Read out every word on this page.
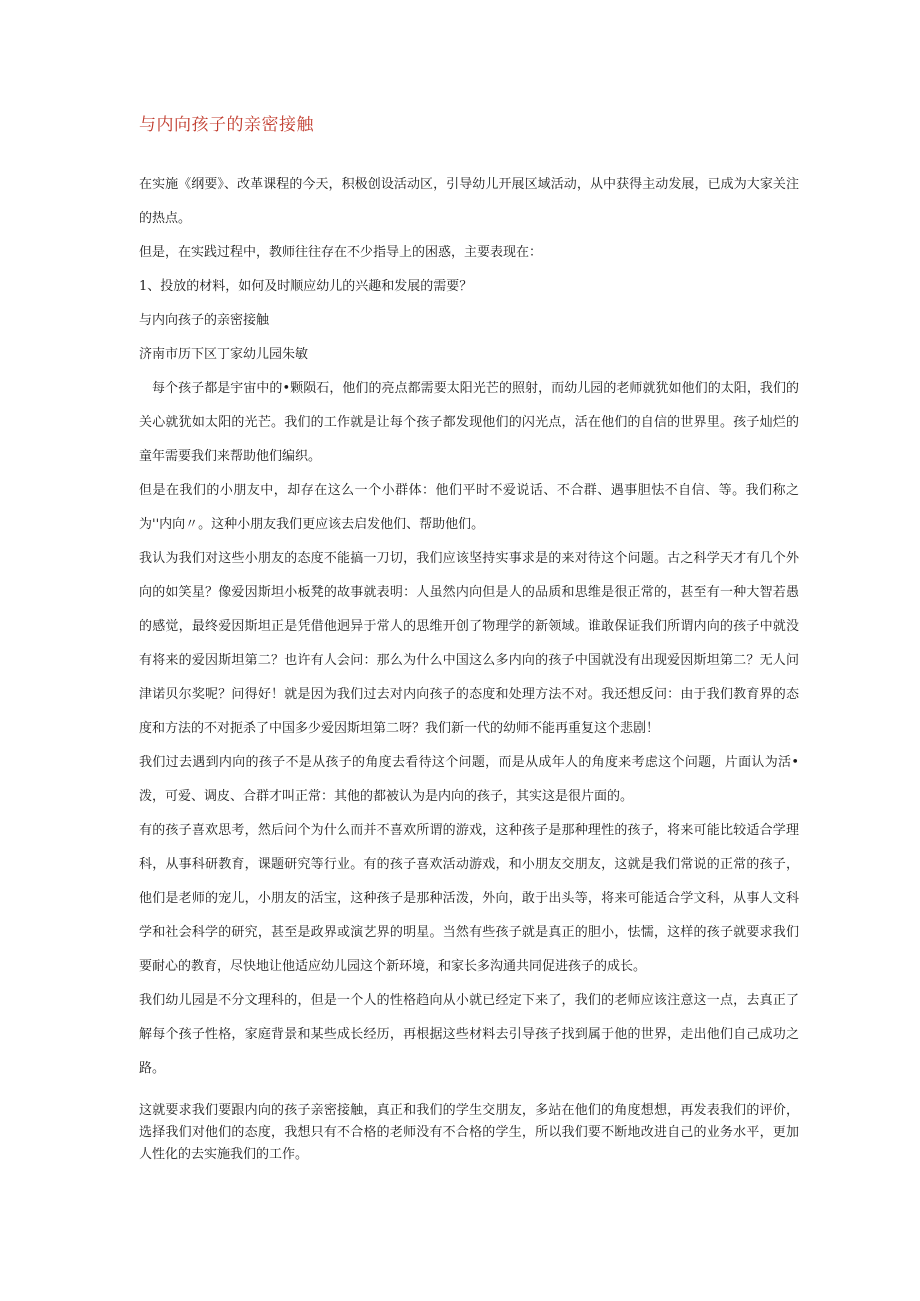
与内向孩子的亲密接触

在实施《纲要》、改革课程的今天，积极创设活动区，引导幼儿开展区域活动，从中获得主动发展，已成为大家关注的热点。

但是，在实践过程中，教师往往存在不少指导上的困惑，主要表现在：

1、投放的材料，如何及时顺应幼儿的兴趣和发展的需要？

与内向孩子的亲密接触

济南市历下区丁家幼儿园朱敏

每个孩子都是宇宙中的•颗陨石，他们的亮点都需要太阳光芒的照射，而幼儿园的老师就犹如他们的太阳，我们的关心就犹如太阳的光芒。我们的工作就是让每个孩子都发现他们的闪光点，活在他们的自信的世界里。孩子灿烂的童年需要我们来帮助他们编织。

但是在我们的小朋友中，却存在这么一个小群体：他们平时不爱说话、不合群、遇事胆怯不自信、等。我们称之为''内向〃。这种小朋友我们更应该去启发他们、帮助他们。

我认为我们对这些小朋友的态度不能搞一刀切，我们应该坚持实事求是的来对待这个问题。古之科学天才有几个外向的如笑星？像爱因斯坦小板凳的故事就表明：人虽然内向但是人的品质和思维是很正常的，甚至有一种大智若愚的感觉，最终爱因斯坦正是凭借他迥异于常人的思维开创了物理学的新领域。谁敢保证我们所谓内向的孩子中就没有将来的爱因斯坦第二？也许有人会问：那么为什么中国这么多内向的孩子中国就没有出现爱因斯坦第二？无人问津诺贝尔奖呢？问得好！就是因为我们过去对内向孩子的态度和处理方法不对。我还想反问：由于我们教育界的态度和方法的不对扼杀了中国多少爱因斯坦第二呀？我们新一代的幼师不能再重复这个悲剧！

我们过去遇到内向的孩子不是从孩子的角度去看待这个问题，而是从成年人的角度来考虑这个问题，片面认为活•泼，可爱、调皮、合群才叫正常：其他的都被认为是内向的孩子，其实这是很片面的。

有的孩子喜欢思考，然后问个为什么而并不喜欢所谓的游戏，这种孩子是那种理性的孩子，将来可能比较适合学理科，从事科研教育，课题研究等行业。有的孩子喜欢活动游戏，和小朋友交朋友，这就是我们常说的正常的孩子，他们是老师的宠儿，小朋友的活宝，这种孩子是那种活泼，外向，敢于出头等，将来可能适合学文科，从事人文科学和社会科学的研究，甚至是政界或演艺界的明星。当然有些孩子就是真正的胆小，怯懦，这样的孩子就要求我们要耐心的教育，尽快地让他适应幼儿园这个新环境，和家长多沟通共同促进孩子的成长。

我们幼儿园是不分文理科的，但是一个人的性格趋向从小就已经定下来了，我们的老师应该注意这一点，去真正了解每个孩子性格，家庭背景和某些成长经历，再根据这些材料去引导孩子找到属于他的世界，走出他们自己成功之路。

这就要求我们要跟内向的孩子亲密接触，真正和我们的学生交朋友，多站在他们的角度想想，再发表我们的评价，选择我们对他们的态度，我想只有不合格的老师没有不合格的学生，所以我们要不断地改进自己的业务水平，更加人性化的去实施我们的工作。
